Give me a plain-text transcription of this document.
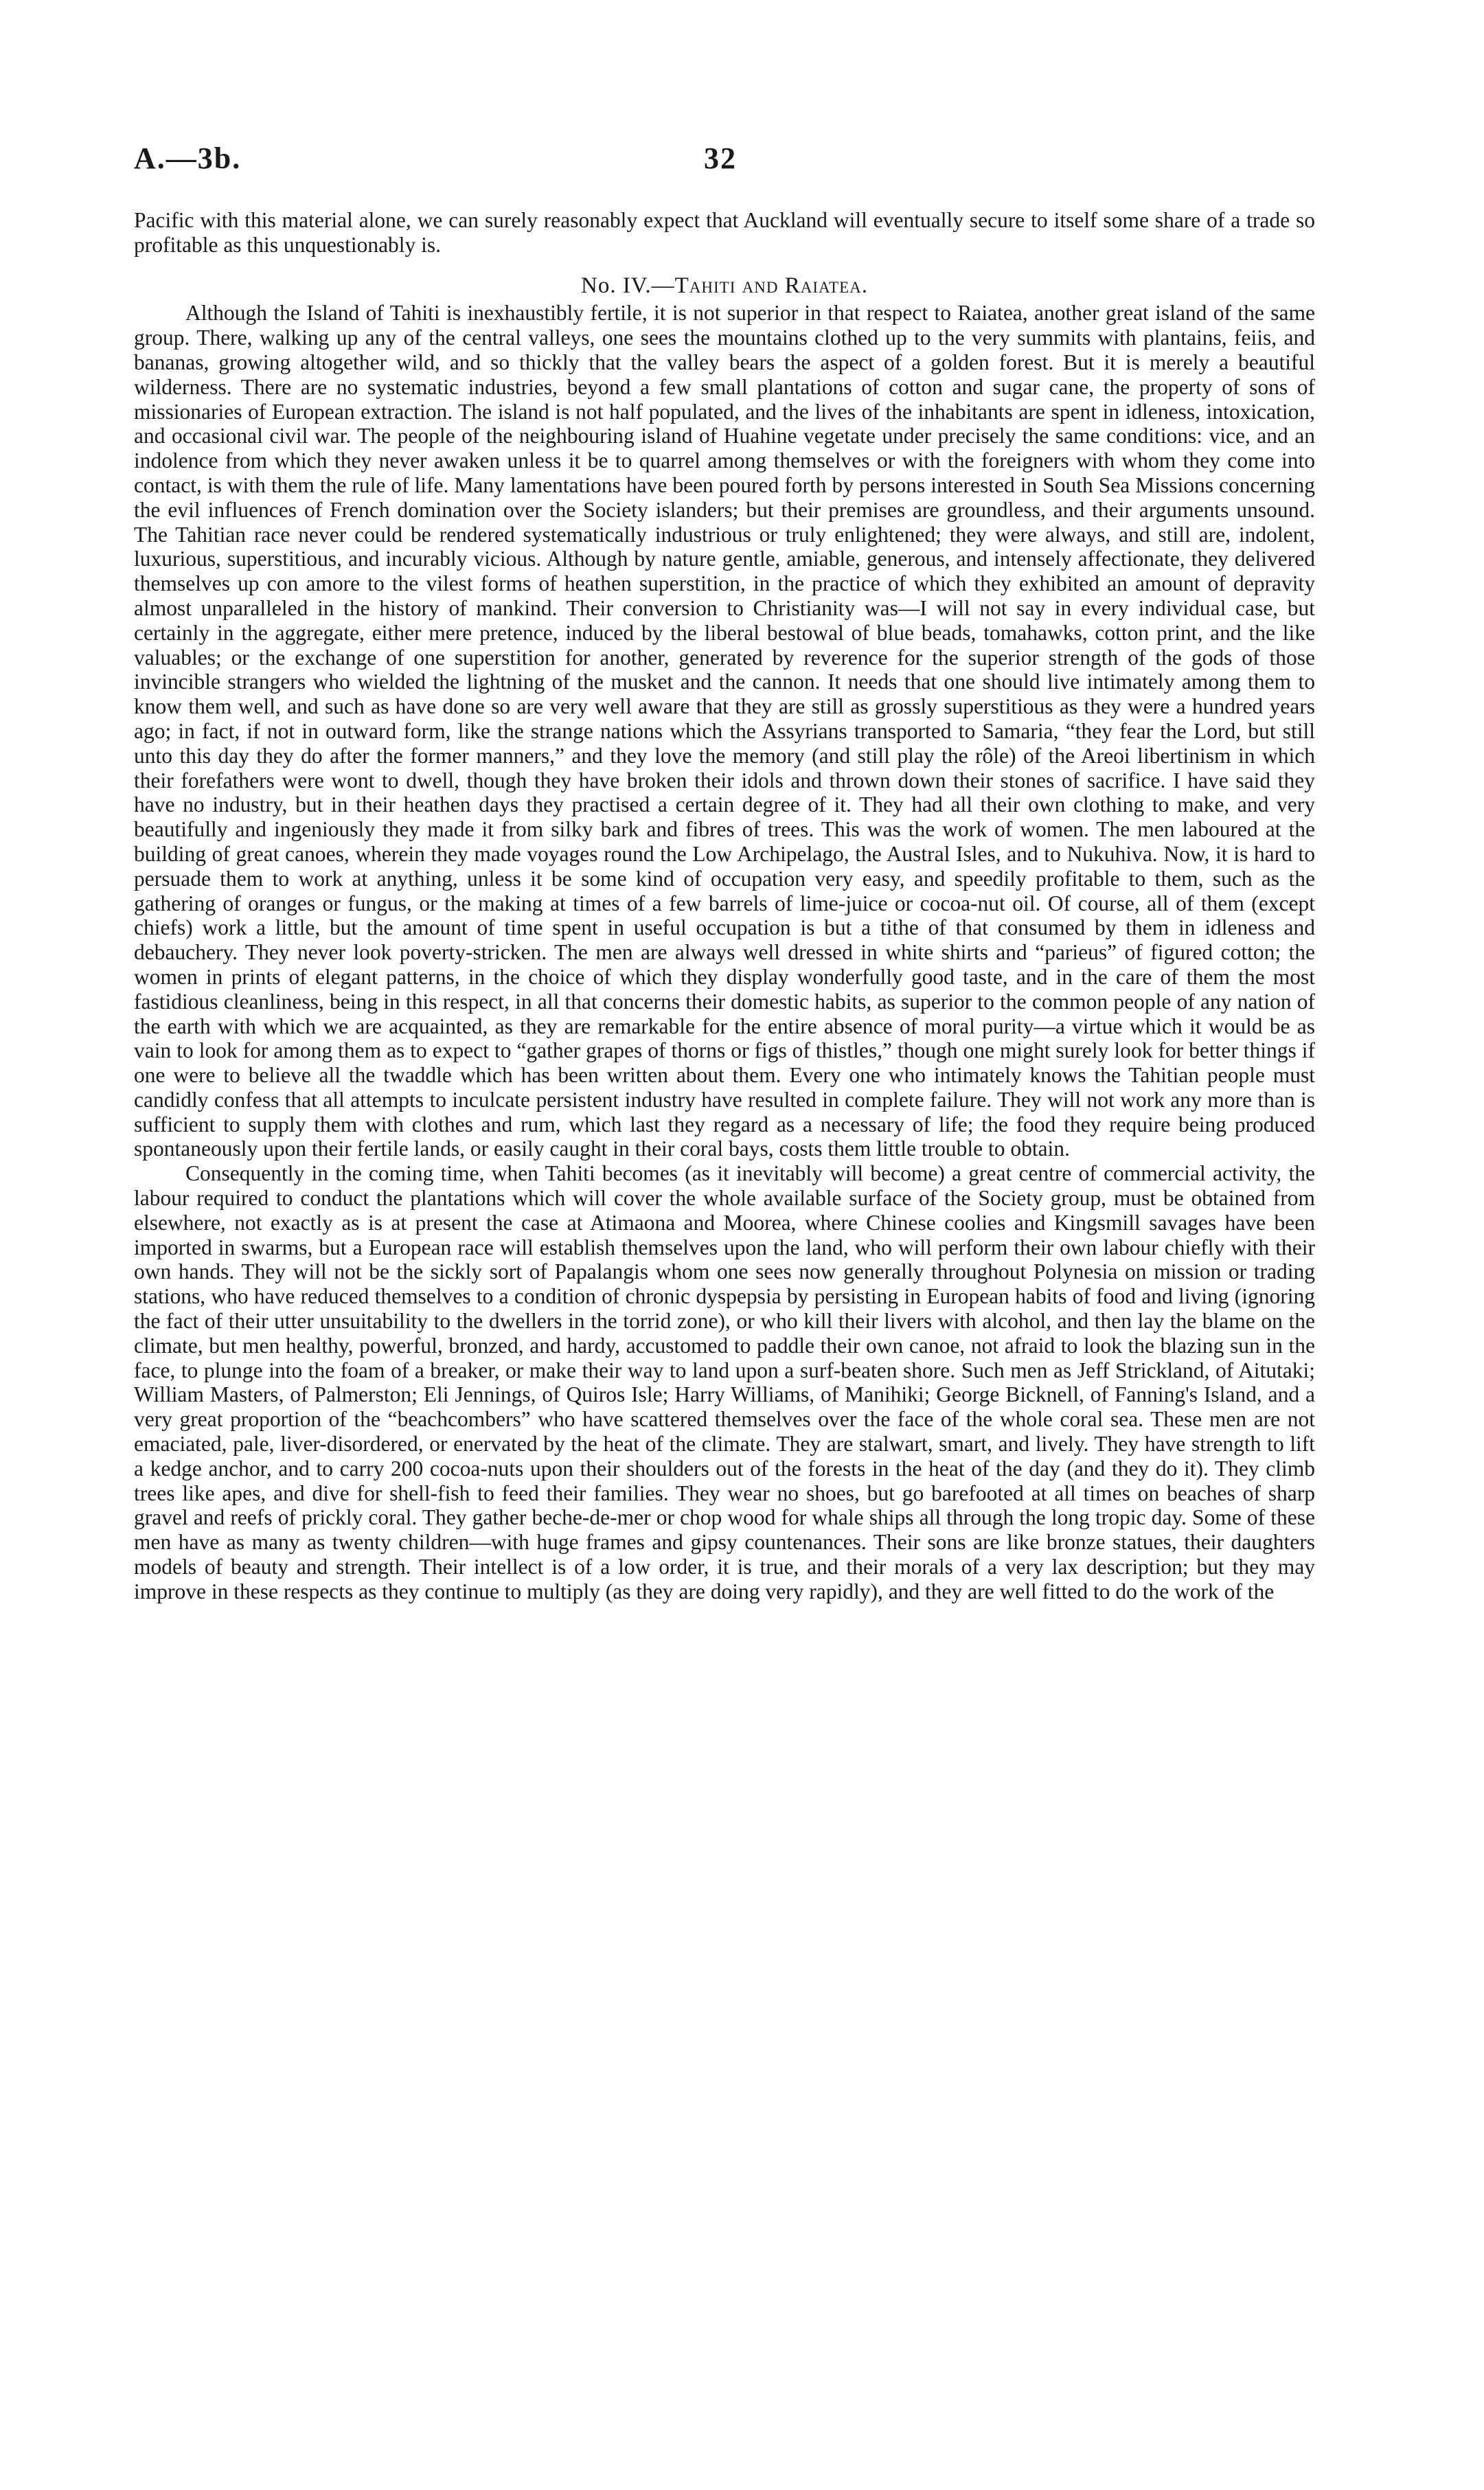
A.—3b.	32

Pacific with this material alone, we can surely reasonably expect that Auckland will eventually secure to itself some share of a trade so profitable as this unquestionably is.

No. IV.—Tahiti and Raiatea.

Although the Island of Tahiti is inexhaustibly fertile, it is not superior in that respect to Raiatea, another great island of the same group. There, walking up any of the central valleys, one sees the mountains clothed up to the very summits with plantains, feiis, and bananas, growing altogether wild, and so thickly that the valley bears the aspect of a golden forest. But it is merely a beautiful wilderness. There are no systematic industries, beyond a few small plantations of cotton and sugar cane, the property of sons of missionaries of European extraction. The island is not half populated, and the lives of the inhabitants are spent in idleness, intoxication, and occasional civil war. The people of the neighbouring island of Huahine vegetate under precisely the same conditions: vice, and an indolence from which they never awaken unless it be to quarrel among themselves or with the foreigners with whom they come into contact, is with them the rule of life. Many lamentations have been poured forth by persons interested in South Sea Missions concerning the evil influences of French domination over the Society islanders; but their premises are groundless, and their arguments unsound. The Tahitian race never could be rendered systematically industrious or truly enlightened; they were always, and still are, indolent, luxurious, superstitious, and incurably vicious. Although by nature gentle, amiable, generous, and intensely affectionate, they delivered themselves up con amore to the vilest forms of heathen superstition, in the practice of which they exhibited an amount of depravity almost unparalleled in the history of mankind. Their conversion to Christianity was—I will not say in every individual case, but certainly in the aggregate, either mere pretence, induced by the liberal bestowal of blue beads, tomahawks, cotton print, and the like valuables; or the exchange of one superstition for another, generated by reverence for the superior strength of the gods of those invincible strangers who wielded the lightning of the musket and the cannon. It needs that one should live intimately among them to know them well, and such as have done so are very well aware that they are still as grossly superstitious as they were a hundred years ago; in fact, if not in outward form, like the strange nations which the Assyrians transported to Samaria, “they fear the Lord, but still unto this day they do after the former manners,” and they love the memory (and still play the rôle) of the Areoi libertinism in which their forefathers were wont to dwell, though they have broken their idols and thrown down their stones of sacrifice. I have said they have no industry, but in their heathen days they practised a certain degree of it. They had all their own clothing to make, and very beautifully and ingeniously they made it from silky bark and fibres of trees. This was the work of women. The men laboured at the building of great canoes, wherein they made voyages round the Low Archipelago, the Austral Isles, and to Nukuhiva. Now, it is hard to persuade them to work at anything, unless it be some kind of occupation very easy, and speedily profitable to them, such as the gathering of oranges or fungus, or the making at times of a few barrels of lime-juice or cocoa-nut oil. Of course, all of them (except chiefs) work a little, but the amount of time spent in useful occupation is but a tithe of that consumed by them in idleness and debauchery. They never look poverty-stricken. The men are always well dressed in white shirts and “parieus” of figured cotton; the women in prints of elegant patterns, in the choice of which they display wonderfully good taste, and in the care of them the most fastidious cleanliness, being in this respect, in all that concerns their domestic habits, as superior to the common people of any nation of the earth with which we are acquainted, as they are remarkable for the entire absence of moral purity—a virtue which it would be as vain to look for among them as to expect to “gather grapes of thorns or figs of thistles,” though one might surely look for better things if one were to believe all the twaddle which has been written about them. Every one who intimately knows the Tahitian people must candidly confess that all attempts to inculcate persistent industry have resulted in complete failure. They will not work any more than is sufficient to supply them with clothes and rum, which last they regard as a necessary of life; the food they require being produced spontaneously upon their fertile lands, or easily caught in their coral bays, costs them little trouble to obtain.

Consequently in the coming time, when Tahiti becomes (as it inevitably will become) a great centre of commercial activity, the labour required to conduct the plantations which will cover the whole available surface of the Society group, must be obtained from elsewhere, not exactly as is at present the case at Atimaona and Moorea, where Chinese coolies and Kingsmill savages have been imported in swarms, but a European race will establish themselves upon the land, who will perform their own labour chiefly with their own hands. They will not be the sickly sort of Papalangis whom one sees now generally throughout Polynesia on mission or trading stations, who have reduced themselves to a condition of chronic dyspepsia by persisting in European habits of food and living (ignoring the fact of their utter unsuitability to the dwellers in the torrid zone), or who kill their livers with alcohol, and then lay the blame on the climate, but men healthy, powerful, bronzed, and hardy, accustomed to paddle their own canoe, not afraid to look the blazing sun in the face, to plunge into the foam of a breaker, or make their way to land upon a surf-beaten shore. Such men as Jeff Strickland, of Aitutaki; William Masters, of Palmerston; Eli Jennings, of Quiros Isle; Harry Williams, of Manihiki; George Bicknell, of Fanning's Island, and a very great proportion of the “beachcombers” who have scattered themselves over the face of the whole coral sea. These men are not emaciated, pale, liver-disordered, or enervated by the heat of the climate. They are stalwart, smart, and lively. They have strength to lift a kedge anchor, and to carry 200 cocoa-nuts upon their shoulders out of the forests in the heat of the day (and they do it). They climb trees like apes, and dive for shell-fish to feed their families. They wear no shoes, but go barefooted at all times on beaches of sharp gravel and reefs of prickly coral. They gather beche-de-mer or chop wood for whale ships all through the long tropic day. Some of these men have as many as twenty children—with huge frames and gipsy countenances. Their sons are like bronze statues, their daughters models of beauty and strength. Their intellect is of a low order, it is true, and their morals of a very lax description; but they may improve in these respects as they continue to multiply (as they are doing very rapidly), and they are well fitted to do the work of the
